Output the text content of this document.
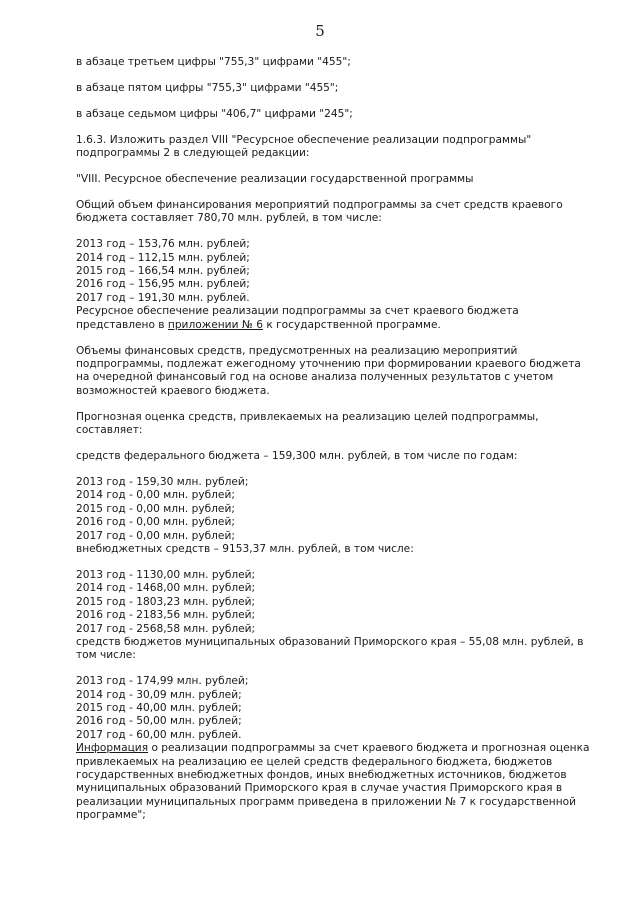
5

в абзаце третьем цифры "755,3" цифрами "455";

в абзаце пятом цифры "755,3" цифрами "455";

в абзаце седьмом цифры "406,7" цифрами "245";

1.6.3. Изложить раздел VIII "Ресурсное обеспечение реализации подпрограммы" подпрограммы 2 в следующей редакции:

"VIII. Ресурсное обеспечение реализации государственной программы

Общий объем финансирования мероприятий подпрограммы за счет средств краевого бюджета составляет 780,70 млн. рублей, в том числе:

2013 год – 153,76 млн. рублей;
2014 год – 112,15 млн. рублей;
2015 год – 166,54 млн. рублей;
2016 год – 156,95 млн. рублей;
2017 год – 191,30 млн. рублей.

Ресурсное обеспечение реализации подпрограммы за счет краевого бюджета представлено в приложении № 6 к государственной программе.

Объемы финансовых средств, предусмотренных на реализацию мероприятий подпрограммы, подлежат ежегодному уточнению при формировании краевого бюджета на очередной финансовый год на основе анализа полученных результатов с учетом возможностей краевого бюджета.

Прогнозная оценка средств, привлекаемых на реализацию целей подпрограммы, составляет:

средств федерального бюджета – 159,300 млн. рублей, в том числе по годам:

2013 год - 159,30 млн. рублей;
2014 год - 0,00 млн. рублей;
2015 год - 0,00 млн. рублей;
2016 год - 0,00 млн. рублей;
2017 год - 0,00 млн. рублей;
внебюджетных средств – 9153,37 млн. рублей, в том числе:
2013 год - 1130,00 млн. рублей;
2014 год - 1468,00 млн. рублей;
2015 год - 1803,23 млн. рублей;
2016 год - 2183,56 млн. рублей;
2017 год - 2568,58 млн. рублей;

средств бюджетов муниципальных образований Приморского края – 55,08 млн. рублей, в том числе:

2013 год - 174,99 млн. рублей;
2014 год - 30,09 млн. рублей;
2015 год - 40,00 млн. рублей;
2016 год - 50,00 млн. рублей;
2017 год - 60,00 млн. рублей.

Информация о реализации подпрограммы за счет краевого бюджета и прогнозная оценка привлекаемых на реализацию ее целей средств федерального бюджета, бюджетов государственных внебюджетных фондов, иных внебюджетных источников, бюджетов муниципальных образований Приморского края в случае участия Приморского края в реализации муниципальных программ приведена в приложении № 7 к государственной программе";
